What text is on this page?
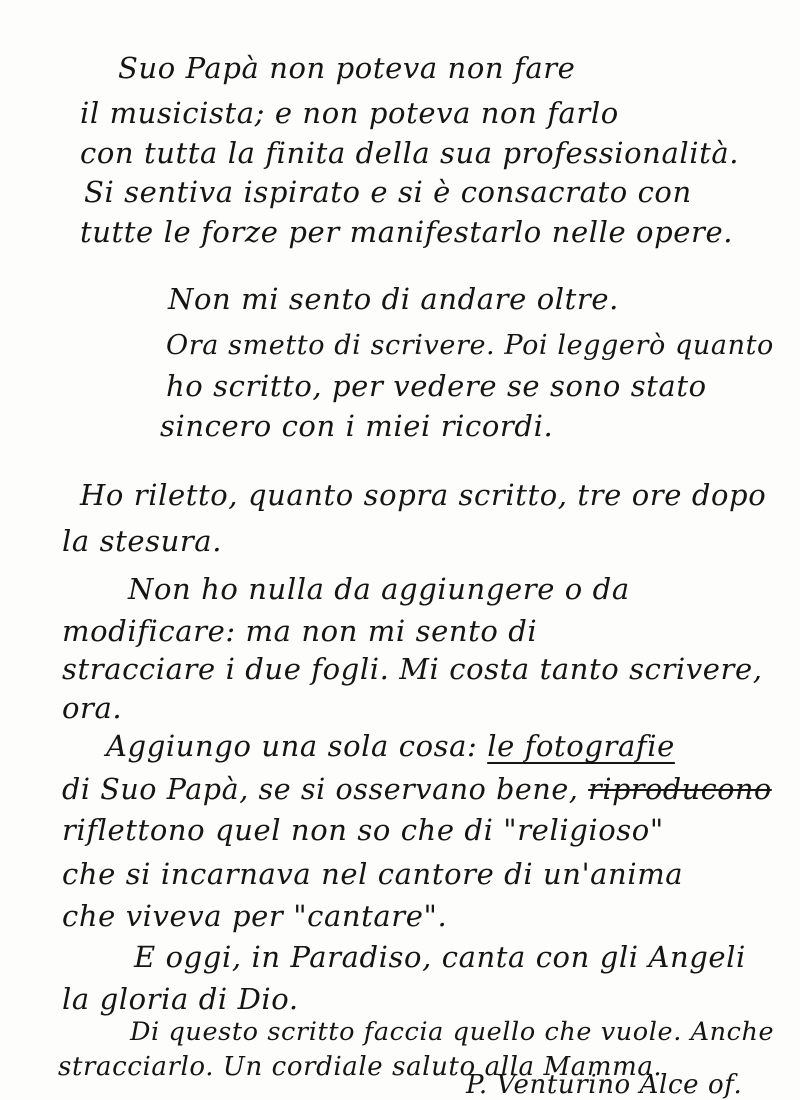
Suo Papà non poteva non fare
il musicista; e non poteva non farlo
con tutta la finita della sua professionalità.
Si sentiva ispirato e si è consacrato con
tutte le forze per manifestarlo nelle opere.
Non mi sento di andare oltre.
Ora smetto di scrivere. Poi leggerò quanto
ho scritto, per vedere se sono stato
sincero con i miei ricordi.
Ho riletto, quanto sopra scritto, tre ore dopo
la stesura.
Non ho nulla da aggiungere o da
modificare: ma non mi sento di
stracciare i due fogli. Mi costa tanto scrivere,
ora.
Aggiungo una sola cosa: le fotografie
di Suo Papà, se si osservano bene, riproducono
riflettono quel non so che di "religioso"
che si incarnava nel cantore di un'anima
che viveva per "cantare".
E oggi, in Paradiso, canta con gli Angeli
la gloria di Dio.
Di questo scritto faccia quello che vuole. Anche
stracciarlo. Un cordiale saluto alla Mamma.
P. Venturino Alce of.
